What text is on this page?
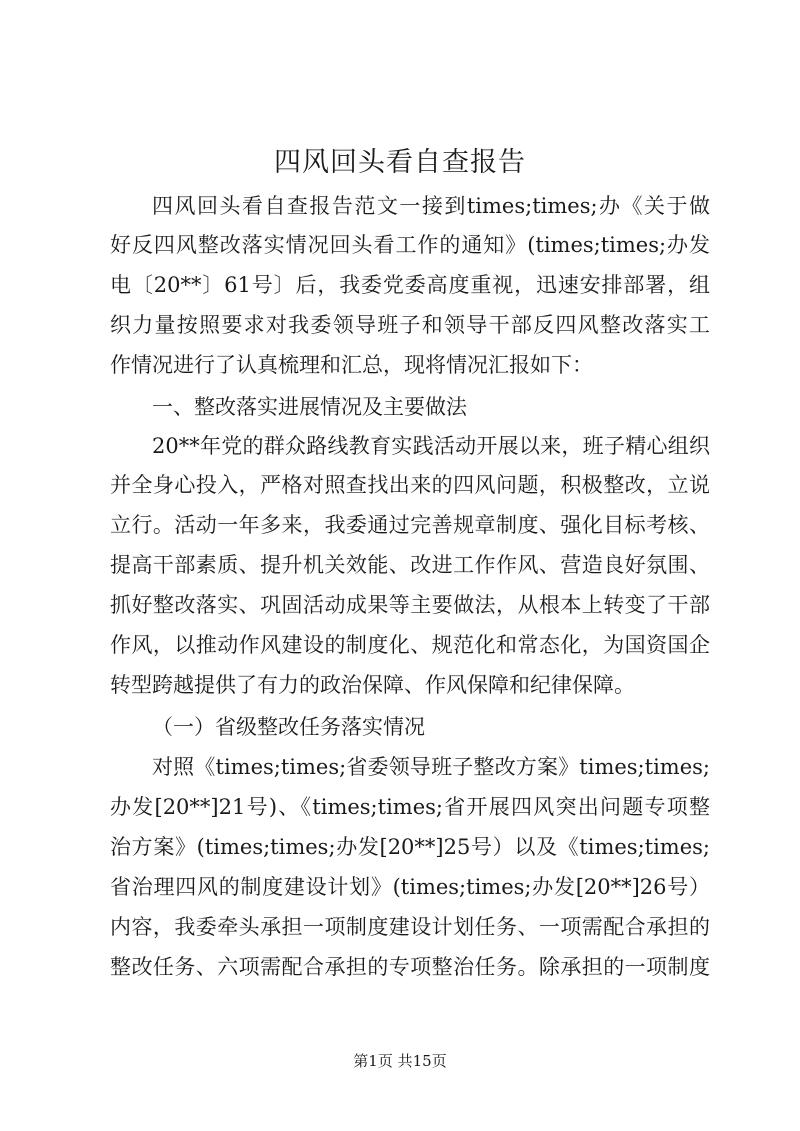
四风回头看自查报告
四风回头看自查报告范文一接到times;times;办《关于做
好反四风整改落实情况回头看工作的通知》(times;times;办发
电〔20**〕61号〕后，我委党委高度重视，迅速安排部署，组
织力量按照要求对我委领导班子和领导干部反四风整改落实工
作情况进行了认真梳理和汇总，现将情况汇报如下：
一、整改落实进展情况及主要做法
20**年党的群众路线教育实践活动开展以来，班子精心组织
并全身心投入，严格对照查找出来的四风问题，积极整改，立说
立行。活动一年多来，我委通过完善规章制度、强化目标考核、
提高干部素质、提升机关效能、改进工作作风、营造良好氛围、
抓好整改落实、巩固活动成果等主要做法，从根本上转变了干部
作风，以推动作风建设的制度化、规范化和常态化，为国资国企
转型跨越提供了有力的政治保障、作风保障和纪律保障。
（一）省级整改任务落实情况
对照《times;times;省委领导班子整改方案》times;times;
办发[20**]21号)、《times;times;省开展四风突出问题专项整
治方案》(times;times;办发[20**]25号）以及《times;times;
省治理四风的制度建设计划》(times;times;办发[20**]26号）
内容，我委牵头承担一项制度建设计划任务、一项需配合承担的
整改任务、六项需配合承担的专项整治任务。除承担的一项制度
第1页 共15页
